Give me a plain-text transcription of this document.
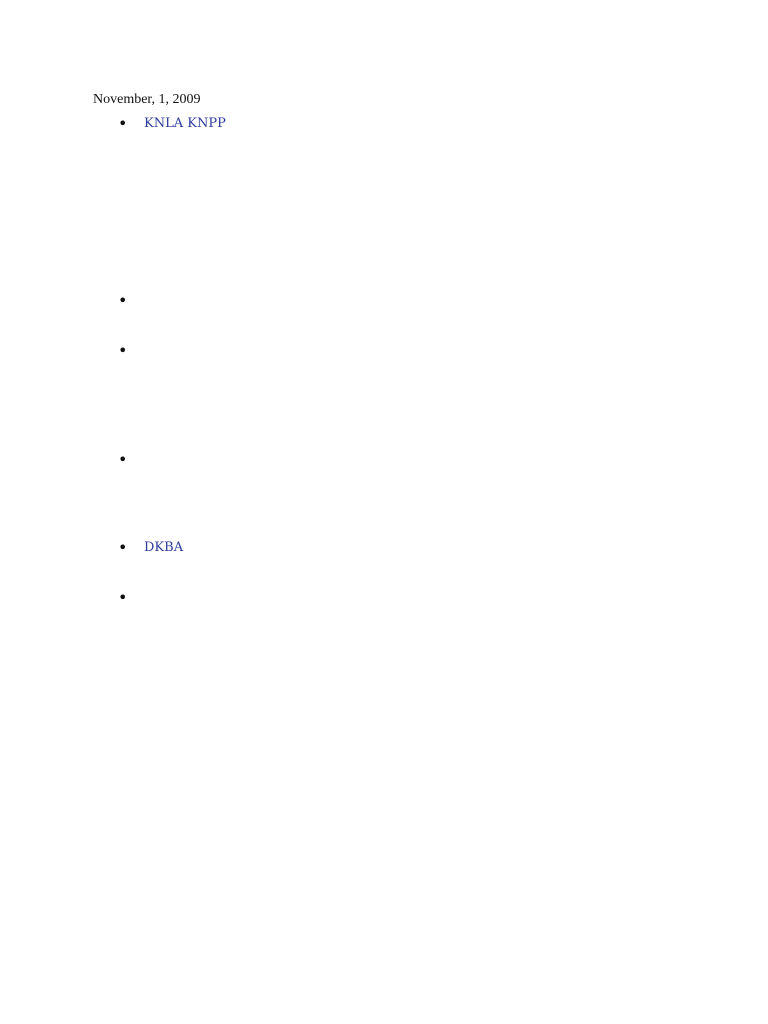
November, 1, 2009
• KNLA KNPP
•
•
•
• DKBA
•
